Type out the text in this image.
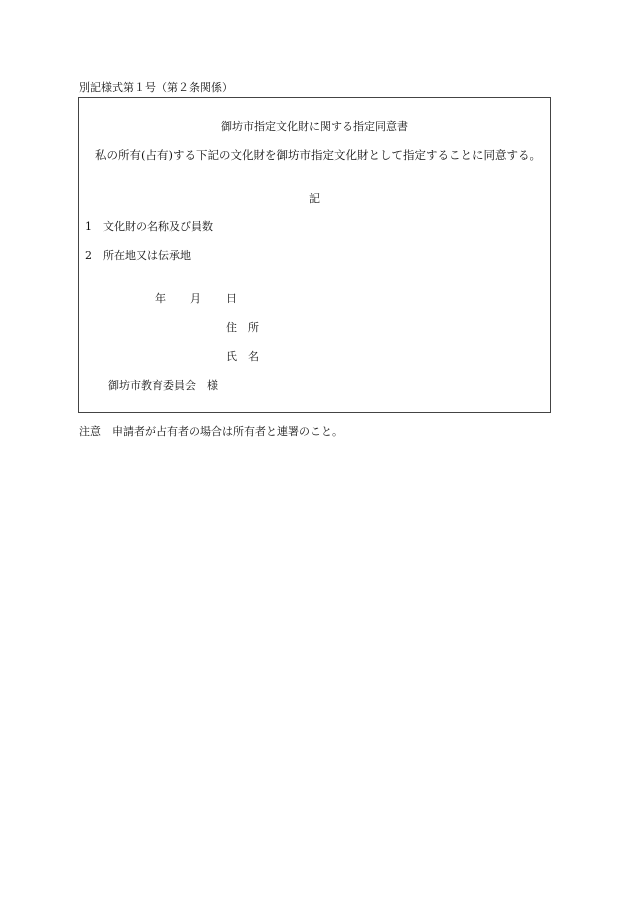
別記様式第１号（第２条関係）
御坊市指定文化財に関する指定同意書
私の所有(占有)する下記の文化財を御坊市指定文化財として指定することに同意する。
記
1 文化財の名称及び員数
2 所在地又は伝承地
年 月 日
住　所
氏　名
御坊市教育委員会　様
注意　申請者が占有者の場合は所有者と連署のこと。
